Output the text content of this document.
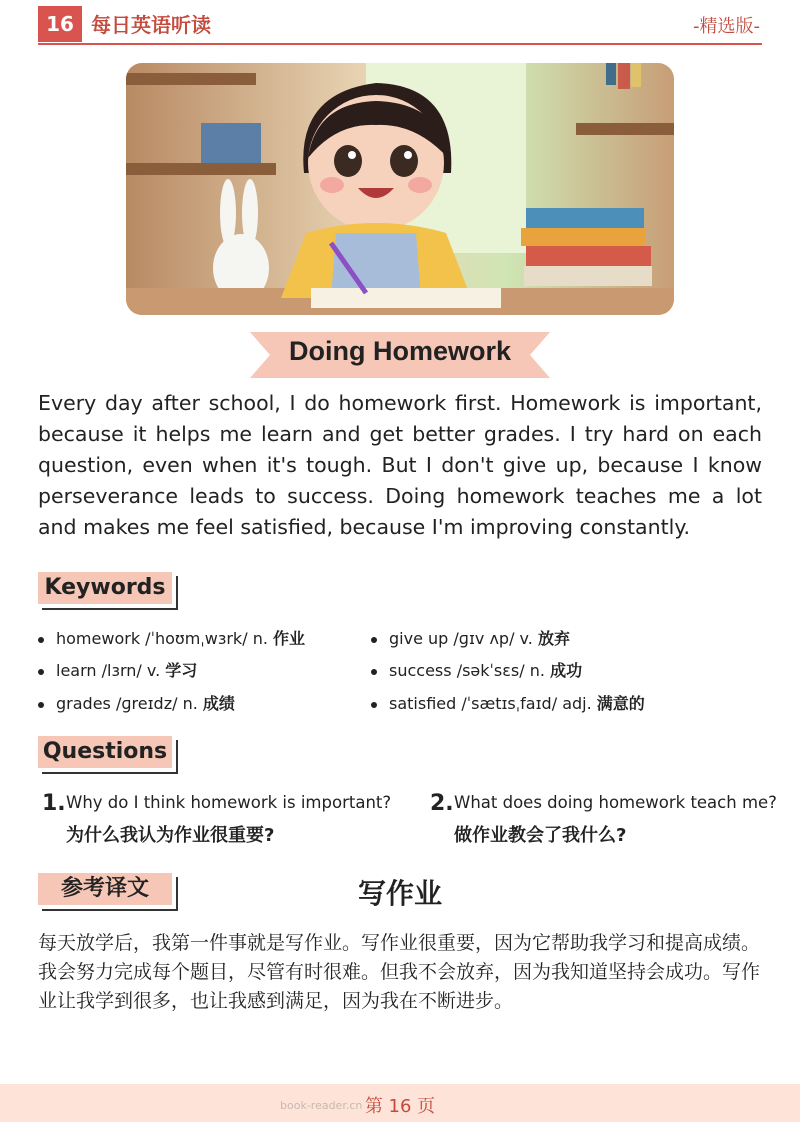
16 每日英语听读	-精选版-
Doing Homework

Every day after school, I do homework first. Homework is important, because it helps me learn and get better grades. I try hard on each question, even when it's tough. But I don't give up, because I know perseverance leads to success. Doing homework teaches me a lot and makes me feel satisfied, because I'm improving constantly.

Keywords
homework /ˈhoʊmˌwɜrk/ n. 作业
learn /lɜrn/ v. 学习
grades /ɡreɪdz/ n. 成绩
give up /ɡɪv ʌp/ v. 放弃
success /səkˈsɛs/ n. 成功
satisfied /ˈsætɪsˌfaɪd/ adj. 满意的
Questions
1. Why do I think homework is important?
为什么我认为作业很重要?
2. What does doing homework teach me?
做作业教会了我什么?
参考译文	写作业

每天放学后，我第一件事就是写作业。写作业很重要，因为它帮助我学习和提高成绩。我会努力完成每个题目，尽管有时很难。但我不会放弃，因为我知道坚持会成功。写作业让我学到很多，也让我感到满足，因为我在不断进步。

book-reader.cn 第 16 页
